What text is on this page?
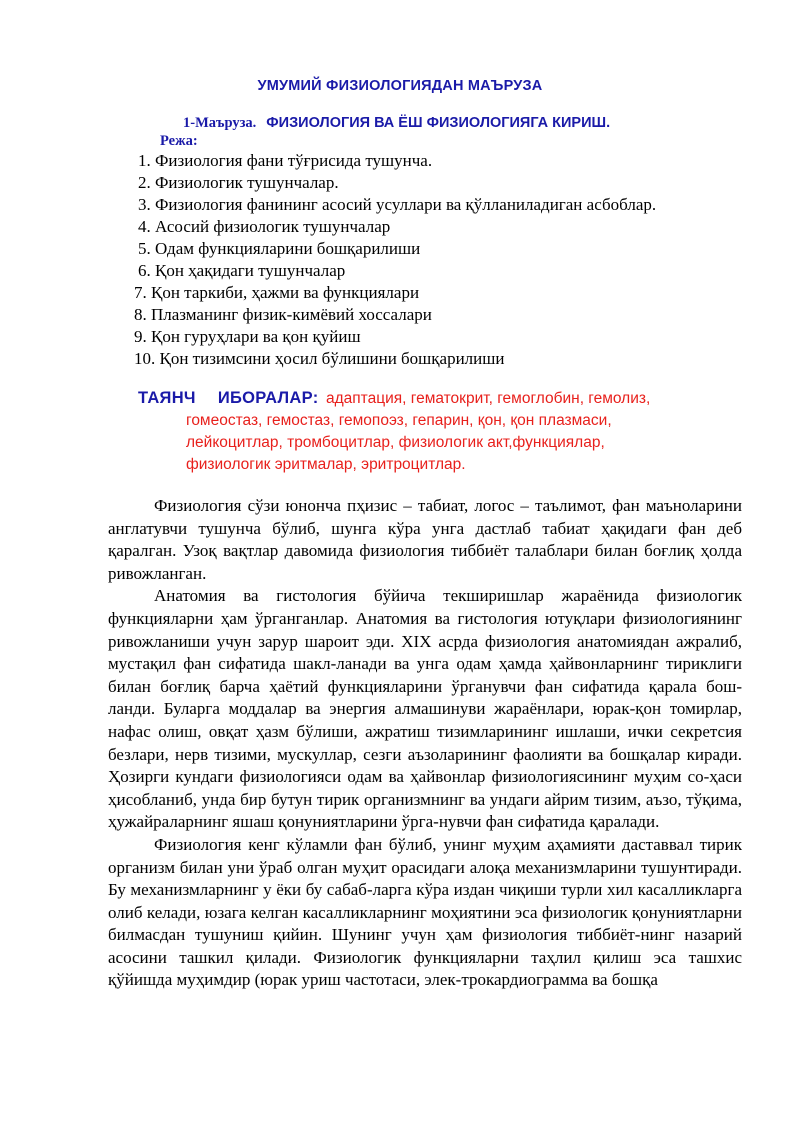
УМУМИЙ ФИЗИОЛОГИЯДАН МАЪРУЗА
1-Маъруза. ФИЗИОЛОГИЯ ВА ЁШ ФИЗИОЛОГИЯГА КИРИШ.
Режа:
1. Физиология фани тўғрисида тушунча.
2. Физиологик тушунчалар.
3. Физиология фанининг асосий усуллари ва қўлланиладиган асбоблар.
4. Асосий физиологик тушунчалар
5. Одам функцияларини бошқарилиши
6. Қон ҳақидаги тушунчалар
7. Қон таркиби, ҳажми ва функциялари
8. Плазманинг физик-кимёвий хоссалари
9. Қон гуруҳлари ва қон қуйиш
10. Қон тизимсини ҳосил бўлишини бошқарилиши
ТАЯНЧ ИБОРАЛАР: адаптация, гематокрит, гемоглобин, гемолиз,
гомеостаз, гемостаз, гемопоэз, гепарин, қон, қон плазмаси,
лейкоцитлар, тромбоцитлар, физиологик акт,функциялар,
физиологик эритмалар, эритроцитлар.

Физиология сўзи юнонча пҳизис – табиат, логос – таълимот, фан маъноларини англатувчи тушунча бўлиб, шунга кўра унга дастлаб табиат ҳақидаги фан деб қаралган. Узоқ вақтлар давомида физиология тиббиёт талаблари билан боғлиқ ҳолда ривожланган.

Анатомия ва гистология бўйича текширишлар жараёнида физиологик функцияларни ҳам ўрганганлар. Анатомия ва гистология ютуқлари физиологиянинг ривожланиши учун зарур шароит эди. ХIХ асрда физиология анатомиядан ажралиб, мустақил фан сифатида шакл-ланади ва унга одам ҳамда ҳайвонларнинг тириклиги билан боғлиқ барча ҳаётий функцияларини ўрганувчи фан сифатида қарала бош-ланди. Буларга моддалар ва энергия алмашинуви жараёнлари, юрак-қон томирлар, нафас олиш, овқат ҳазм бўлиши, ажратиш тизимларининг ишлаши, ички секретсия безлари, нерв тизими, мускуллар, сезги аъзоларининг фаолияти ва бошқалар киради. Ҳозирги кундаги физиологияси одам ва ҳайвонлар физиологиясининг муҳим со-ҳаси ҳисобланиб, унда бир бутун тирик организмнинг ва ундаги айрим тизим, аъзо, тўқима, ҳужайраларнинг яшаш қонуниятларини ўрга-нувчи фан сифатида қаралади.

Физиология кенг кўламли фан бўлиб, унинг муҳим аҳамияти даставвал тирик организм билан уни ўраб олган муҳит орасидаги алоқа механизмларини тушунтиради. Бу механизмларнинг у ёки бу сабаб-ларга кўра издан чиқиши турли хил касалликларга олиб келади, юзага келган касалликларнинг моҳиятини эса физиологик қонуниятларни билмасдан тушуниш қийин. Шунинг учун ҳам физиология тиббиёт-нинг назарий асосини ташкил қилади. Физиологик функцияларни таҳлил қилиш эса ташхис қўйишда муҳимдир (юрак уриш частотаси, элек-трокардиограмма ва бошқа
